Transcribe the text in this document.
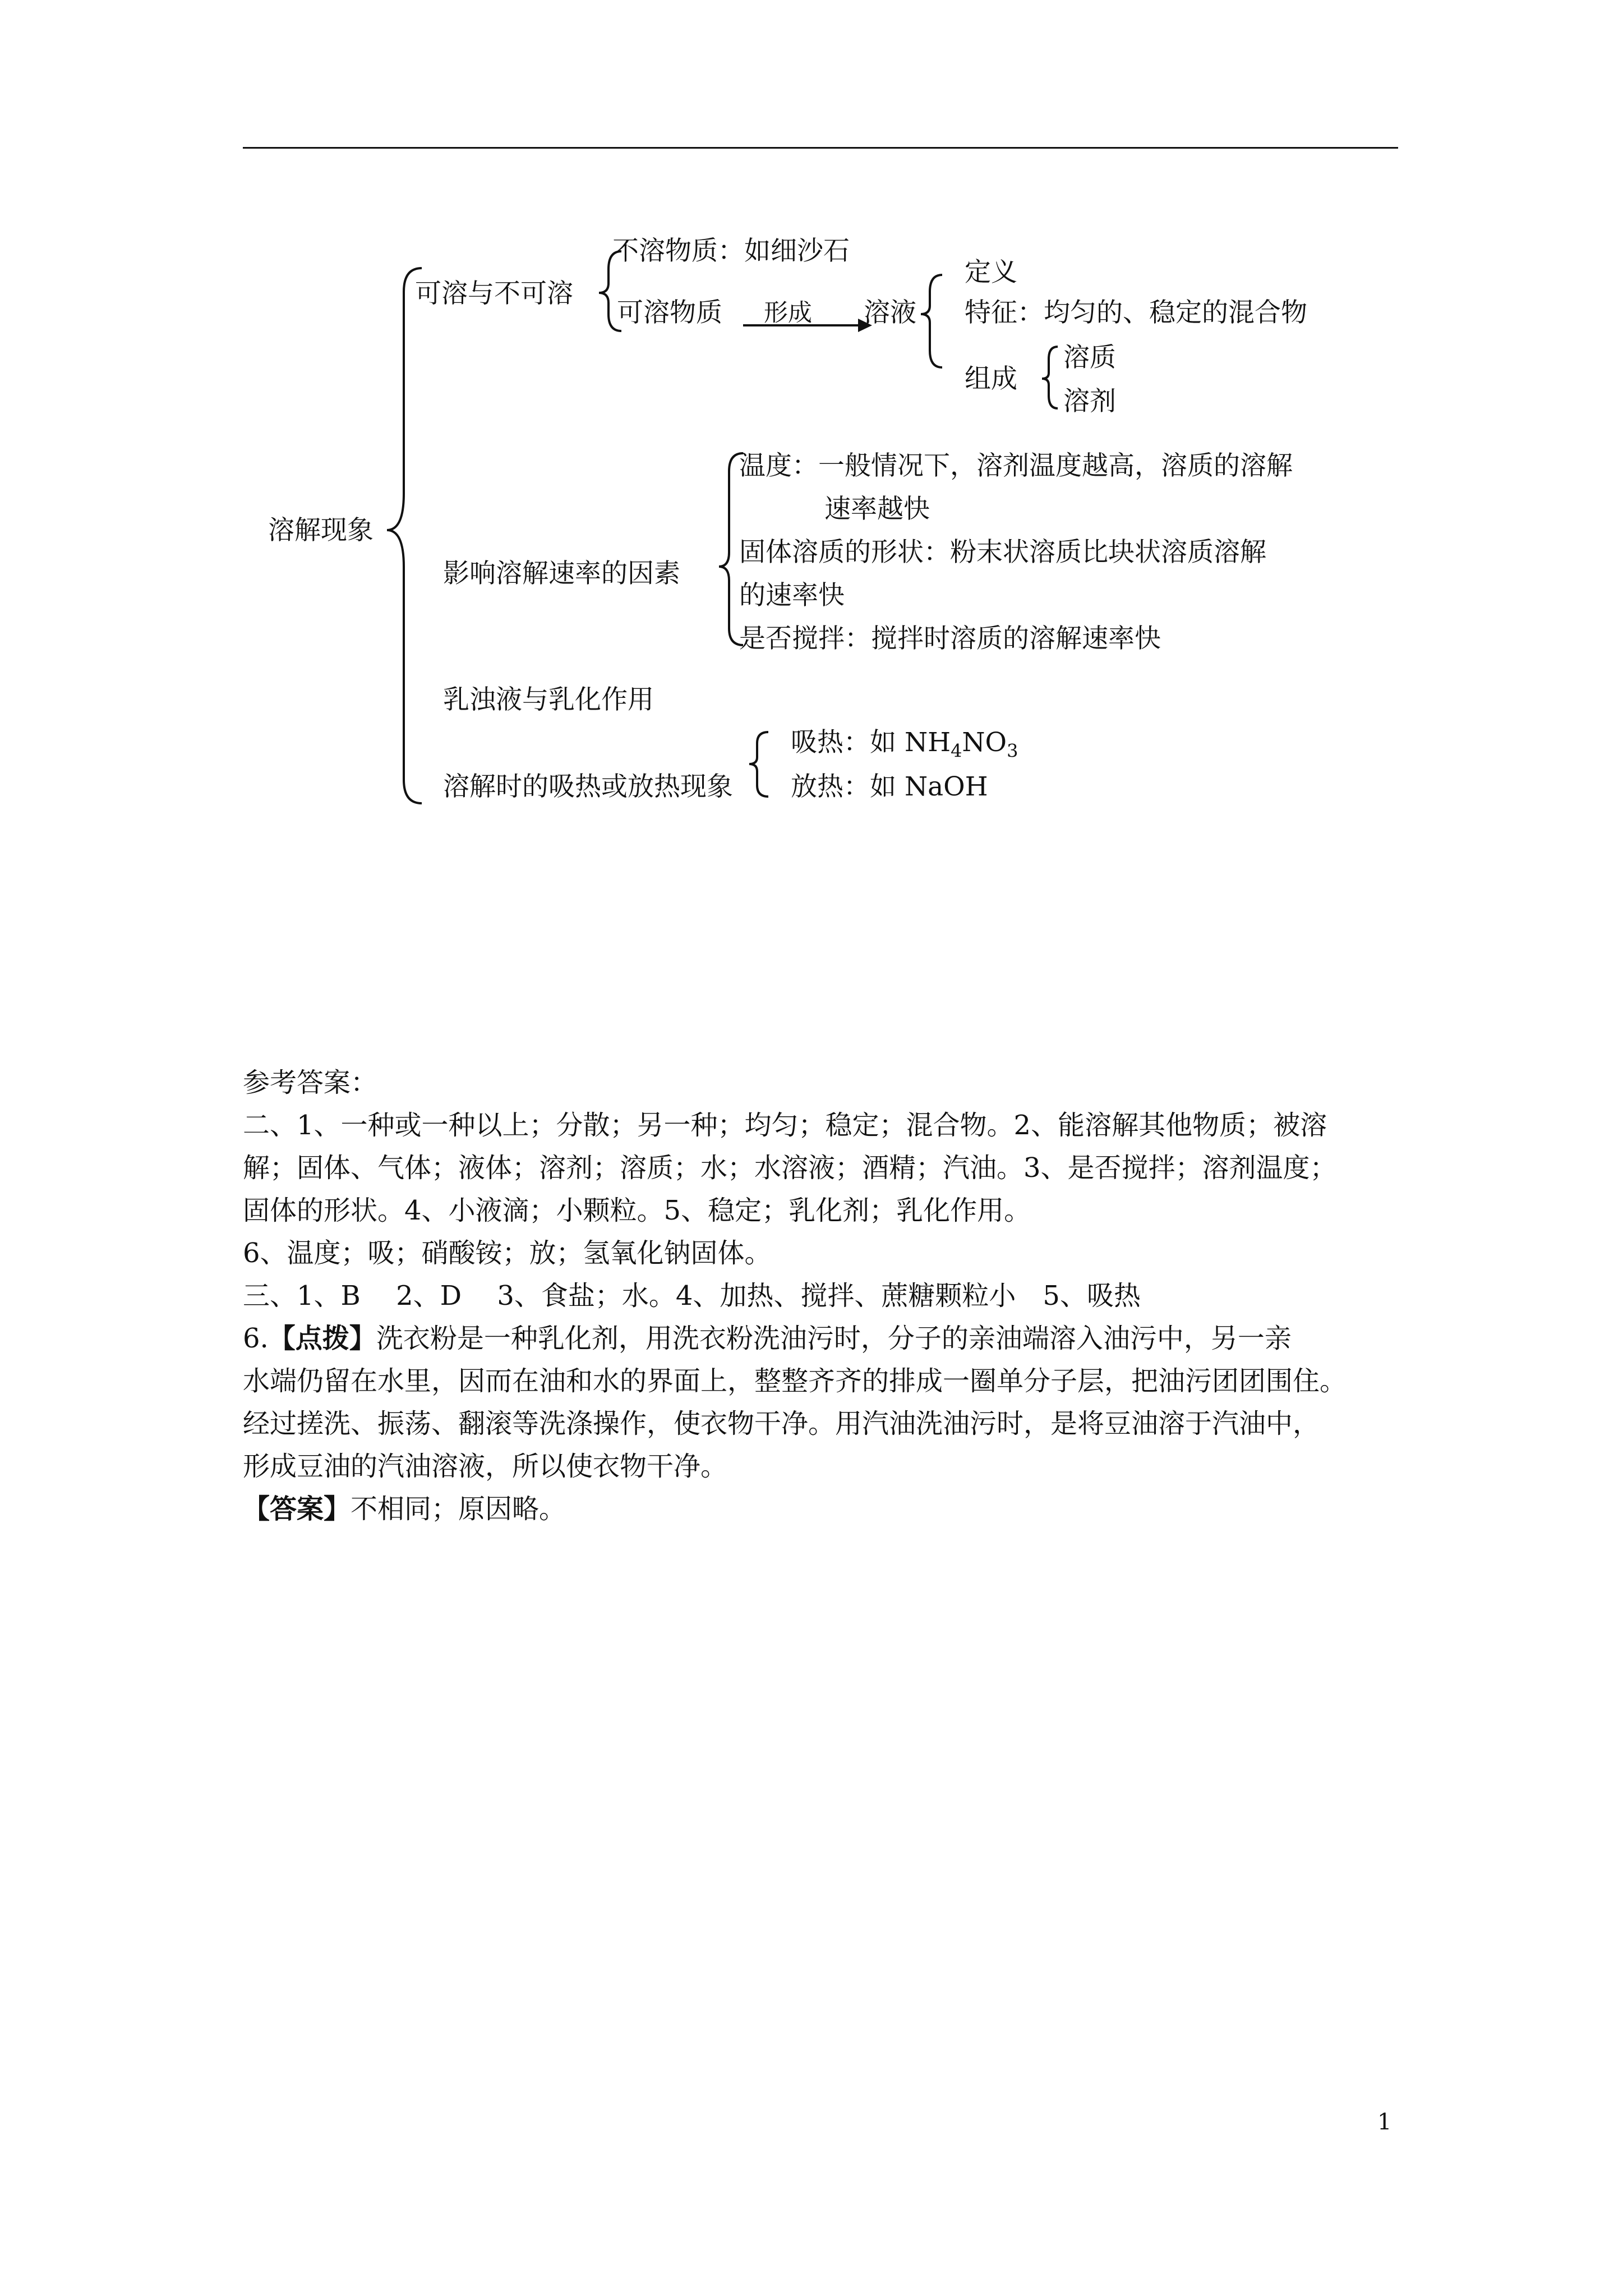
溶解现象
可溶与不可溶
不溶物质：如细沙石
可溶物质 形成 溶液
定义
特征：均匀的、稳定的混合物
组成
溶质
溶剂
影响溶解速率的因素
温度：一般情况下，溶剂温度越高，溶质的溶解
速率越快
固体溶质的形状：粉末状溶质比块状溶质溶解
的速率快
是否搅拌：搅拌时溶质的溶解速率快
乳浊液与乳化作用
溶解时的吸热或放热现象
吸热：如 $NH_4NO_3$
放热：如 NaOH
参考答案：
二、1、一种或一种以上；分散；另一种；均匀；稳定；混合物。2、能溶解其他物质；被溶
解；固体、气体；液体；溶剂；溶质；水；水溶液；酒精；汽油。3、是否搅拌；溶剂温度；
固体的形状。4、小液滴；小颗粒。5、稳定；乳化剂；乳化作用。
6、温度；吸；硝酸铵；放；氢氧化钠固体。
三、1、B　 2、D　 3、食盐；水。4、加热、搅拌、蔗糖颗粒小　5、吸热
6.【点拨】洗衣粉是一种乳化剂，用洗衣粉洗油污时，分子的亲油端溶入油污中，另一亲
水端仍留在水里，因而在油和水的界面上，整整齐齐的排成一圈单分子层，把油污团团围住。
经过搓洗、振荡、翻滚等洗涤操作，使衣物干净。用汽油洗油污时，是将豆油溶于汽油中，
形成豆油的汽油溶液，所以使衣物干净。
【答案】不相同；原因略。
1
